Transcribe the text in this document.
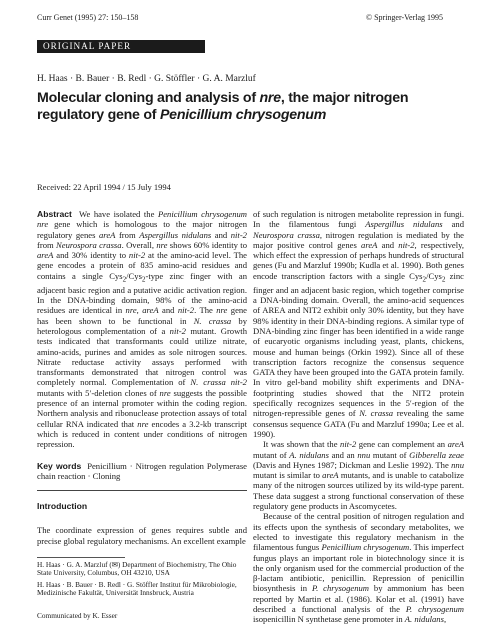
Curr Genet (1995) 27: 150–158	© Springer-Verlag 1995
ORIGINAL PAPER
H. Haas · B. Bauer · B. Redl · G. Stöffler · G. A. Marzluf
Molecular cloning and analysis of nre, the major nitrogen regulatory gene of Penicillium chrysogenum
Received: 22 April 1994 / 15 July 1994

Abstract We have isolated the Penicillium chrysogenum nre gene which is homologous to the major nitrogen regulatory genes areA from Aspergillus nidulans and nit-2 from Neurospora crassa. Overall, nre shows 60% identity to areA and 30% identity to nit-2 at the amino-acid level. The gene encodes a protein of 835 amino-acid residues and contains a single Cys$_2$/Cys$_2$-type zinc finger with an adjacent basic region and a putative acidic activation region. In the DNA-binding domain, 98% of the amino-acid residues are identical in nre, areA and nit-2. The nre gene has been shown to be functional in N. crassa by heterologous complementation of a nit-2 mutant. Growth tests indicated that transformants could utilize nitrate, amino-acids, purines and amides as sole nitrogen sources. Nitrate reductase activity assays performed with transformants demonstrated that nitrogen control was completely normal. Complementation of N. crassa nit-2 mutants with 5′-deletion clones of nre suggests the possible presence of an internal promoter within the coding region. Northern analysis and ribonuclease protection assays of total cellular RNA indicated that nre encodes a 3.2-kb transcript which is reduced in content under conditions of nitrogen repression.

Key words Penicillium · Nitrogen regulation Polymerase chain reaction · Cloning

Introduction

The coordinate expression of genes requires subtle and precise global regulatory mechanisms. An excellent example

H. Haas · G. A. Marzluf (✉) Department of Biochemistry, The Ohio State University, Columbus, OH 43210, USA

H. Haas · B. Bauer · B. Redl · G. Stöffler Institut für Mikrobiologie, Medizinische Fakultät, Universität Innsbruck, Austria

Communicated by K. Esser

of such regulation is nitrogen metabolite repression in fungi. In the filamentous fungi Aspergillus nidulans and Neurospora crassa, nitrogen regulation is mediated by the major positive control genes areA and nit-2, respectively, which effect the expression of perhaps hundreds of structural genes (Fu and Marzluf 1990b; Kudla et al. 1990). Both genes encode transcription factors with a single Cys$_2$/Cys$_2$ zinc finger and an adjacent basic region, which together comprise a DNA-binding domain. Overall, the amino-acid sequences of AREA and NIT2 exhibit only 30% identity, but they have 98% identity in their DNA-binding regions. A similar type of DNA-binding zinc finger has been identified in a wide range of eucaryotic organisms including yeast, plants, chickens, mouse and human beings (Orkin 1992). Since all of these transcription factors recognize the consensus sequence GATA they have been grouped into the GATA protein family. In vitro gel-band mobility shift experiments and DNA-footprinting studies showed that the NIT2 protein specifically recognizes sequences in the 5′-region of the nitrogen-repressible genes of N. crassa revealing the same consensus sequence GATA (Fu and Marzluf 1990a; Lee et al. 1990).

It was shown that the nit-2 gene can complement an areA mutant of A. nidulans and an nnu mutant of Gibberella zeae (Davis and Hynes 1987; Dickman and Leslie 1992). The nnu mutant is similar to areA mutants, and is unable to catabolize many of the nitrogen sources utilized by its wild-type parent. These data suggest a strong functional conservation of these regulatory gene products in Ascomycetes.

Because of the central position of nitrogen regulation and its effects upon the synthesis of secondary metabolites, we elected to investigate this regulatory mechanism in the filamentous fungus Penicillium chrysogenum. This imperfect fungus plays an important role in biotechnology since it is the only organism used for the commercial production of the β-lactam antibiotic, penicillin. Repression of penicillin biosynthesis in P. chrysogenum by ammonium has been reported by Martin et al. (1986). Kolar et al. (1991) have described a functional analysis of the P. chrysogenum isopenicillin N synthetase gene promoter in A. nidulans,
